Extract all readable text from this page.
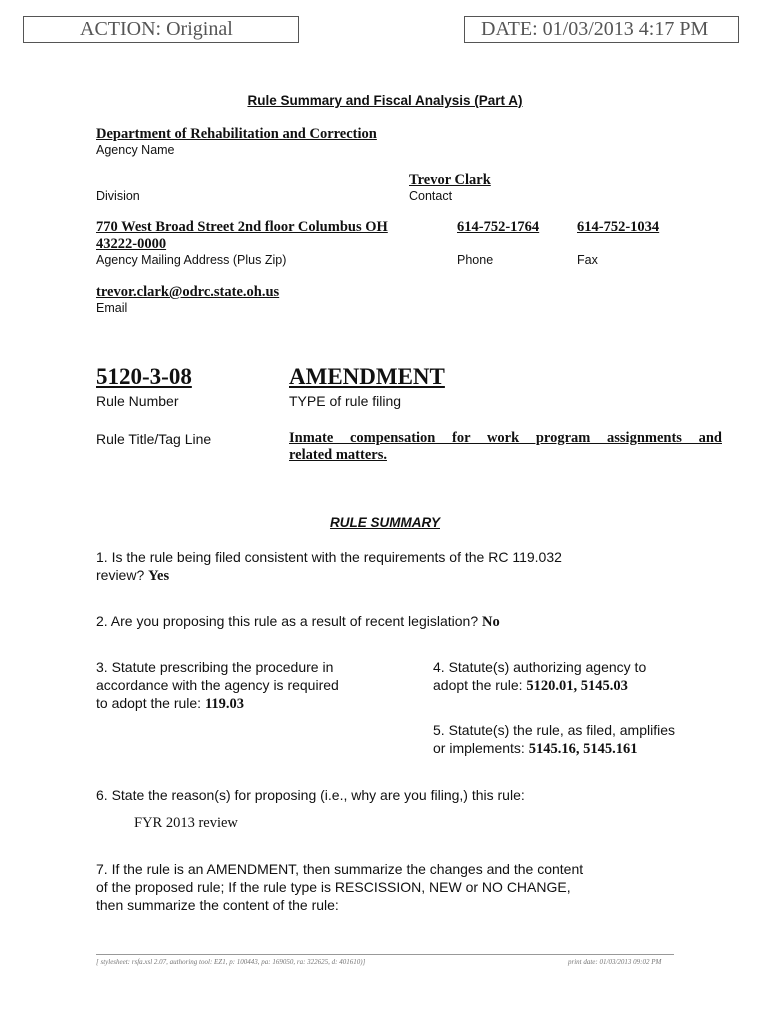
ACTION: Original	DATE: 01/03/2013 4:17 PM
Rule Summary and Fiscal Analysis (Part A)
Department of Rehabilitation and Correction
Agency Name
Trevor Clark
Division	Contact
770 West Broad Street 2nd floor Columbus OH
43222-0000
614-752-1764	614-752-1034
Agency Mailing Address (Plus Zip)	Phone	Fax
trevor.clark@odrc.state.oh.us
Email
5120-3-08	AMENDMENT
Rule Number	TYPE of rule filing
Rule Title/Tag Line	Inmate compensation for work program assignments and
related matters.
RULE SUMMARY
1. Is the rule being filed consistent with the requirements of the RC 119.032
review? Yes
2. Are you proposing this rule as a result of recent legislation? No
3. Statute prescribing the procedure in
accordance with the agency is required
to adopt the rule: 119.03
4. Statute(s) authorizing agency to
adopt the rule: 5120.01, 5145.03
5. Statute(s) the rule, as filed, amplifies
or implements: 5145.16, 5145.161
6. State the reason(s) for proposing (i.e., why are you filing,) this rule:
FYR 2013 review
7. If the rule is an AMENDMENT, then summarize the changes and the content
of the proposed rule; If the rule type is RESCISSION, NEW or NO CHANGE,
then summarize the content of the rule:
[ stylesheet: rsfa.xsl 2.07, authoring tool: EZ1, p: 100443, pa: 169050, ra: 322625, d: 401610)]	print date: 01/03/2013 09:02 PM
